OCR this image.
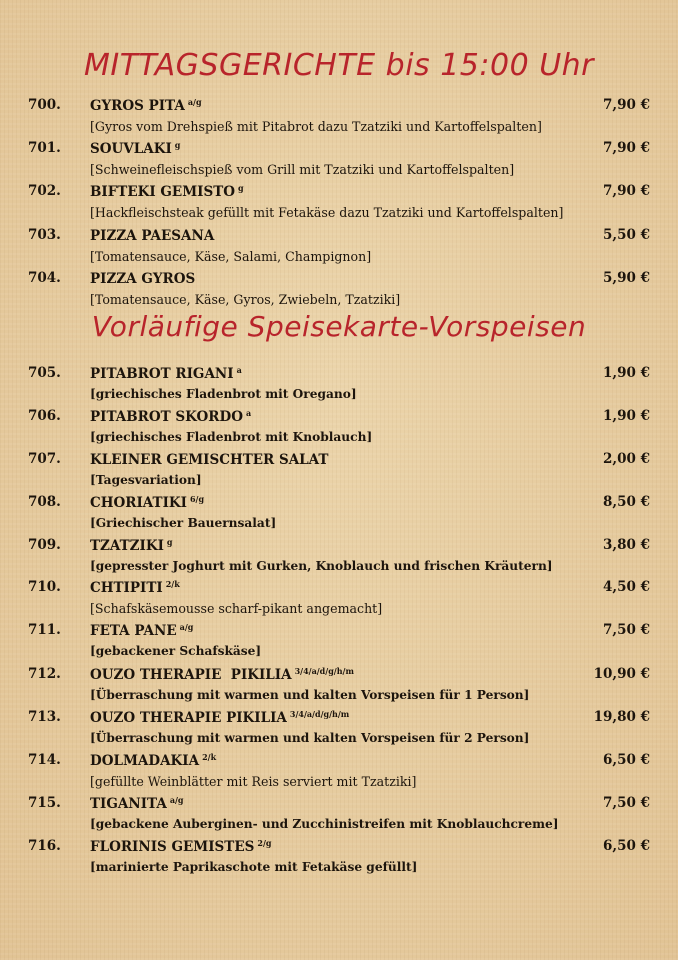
MITTAGSGERICHTE bis 15:00 Uhr
700. GYROS PITA $^{a/g}$	7,90 €
[Gyros vom Drehspieß mit Pitabrot dazu Tzatziki und Kartoffelspalten]
701. SOUVLAKI $^g$	7,90 €
[Schweinefleischspieß vom Grill mit Tzatziki und Kartoffelspalten]
702. BIFTEKI GEMISTO $^g$	7,90 €
[Hackfleischsteak gefüllt mit Fetakäse dazu Tzatziki und Kartoffelspalten]
703. PIZZA PAESANA	5,50 €
[Tomatensauce, Käse, Salami, Champignon]
704. PIZZA GYROS	5,90 €
[Tomatensauce, Käse, Gyros, Zwiebeln, Tzatziki]
Vorläufige Speisekarte-Vorspeisen
705. PITABROT RIGANI $^a$	1,90 €
[griechisches Fladenbrot mit Oregano]
706. PITABROT SKORDO $^a$	1,90 €
[griechisches Fladenbrot mit Knoblauch]
707. KLEINER GEMISCHTER SALAT	2,00 €
[Tagesvariation]
708. CHORIATIKI $^{6/g}$	8,50 €
[Griechischer Bauernsalat]
709. TZATZIKI $^g$	3,80 €
[gepresster Joghurt mit Gurken, Knoblauch und frischen Kräutern]
710. CHTIPITI $^{2/k}$	4,50 €
[Schafskäsemousse scharf-pikant angemacht]
711. FETA PANE $^{a/g}$	7,50 €
[gebackener Schafskäse]
712. OUZO THERAPIE  PIKILIA $^{3/4/a/d/g/h/m}$	10,90 €
[Überraschung mit warmen und kalten Vorspeisen für 1 Person]
713. OUZO THERAPIE PIKILIA $^{3/4/a/d/g/h/m}$	19,80 €
[Überraschung mit warmen und kalten Vorspeisen für 2 Person]
714. DOLMADAKIA $^{2/k}$	6,50 €
[gefüllte Weinblätter mit Reis serviert mit Tzatziki]
715. TIGANITA $^{a/g}$	7,50 €
[gebackene Auberginen- und Zucchinistreifen mit Knoblauchcreme]
716. FLORINIS GEMISTES $^{2/g}$	6,50 €
[marinierte Paprikaschote mit Fetakäse gefüllt]
